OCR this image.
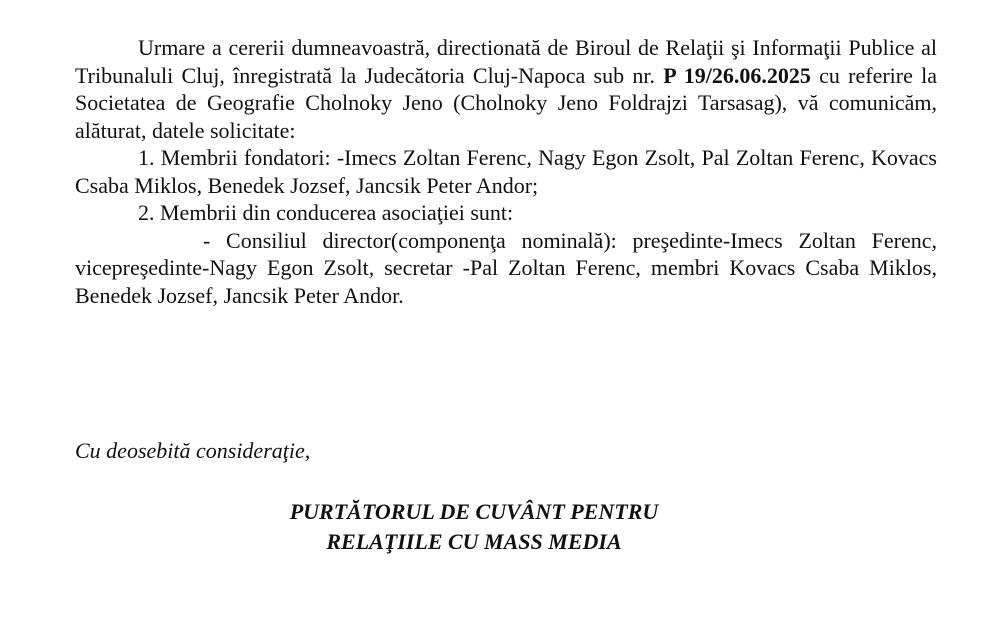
Urmare a cererii dumneavoastră, directionată de Biroul de Relaţii şi Informaţii Publice al Tribunaluli Cluj, înregistrată la Judecătoria Cluj-Napoca sub nr. P 19/26.06.2025 cu referire la Societatea de Geografie Cholnoky Jeno (Cholnoky Jeno Foldrajzi Tarsasag), vă comunicăm, alăturat, datele solicitate:

1. Membrii fondatori: -Imecs Zoltan Ferenc, Nagy Egon Zsolt, Pal Zoltan Ferenc, Kovacs Csaba Miklos, Benedek Jozsef, Jancsik Peter Andor;

2. Membrii din conducerea asociaţiei sunt:

- Consiliul director(componenţa nominală): preşedinte-Imecs Zoltan Ferenc, vicepreşedinte-Nagy Egon Zsolt, secretar -Pal Zoltan Ferenc, membri Kovacs Csaba Miklos, Benedek Jozsef, Jancsik Peter Andor.

Cu deosebită consideraţie,

PURTĂTORUL DE CUVÂNT PENTRU
RELAŢIILE CU MASS MEDIA
